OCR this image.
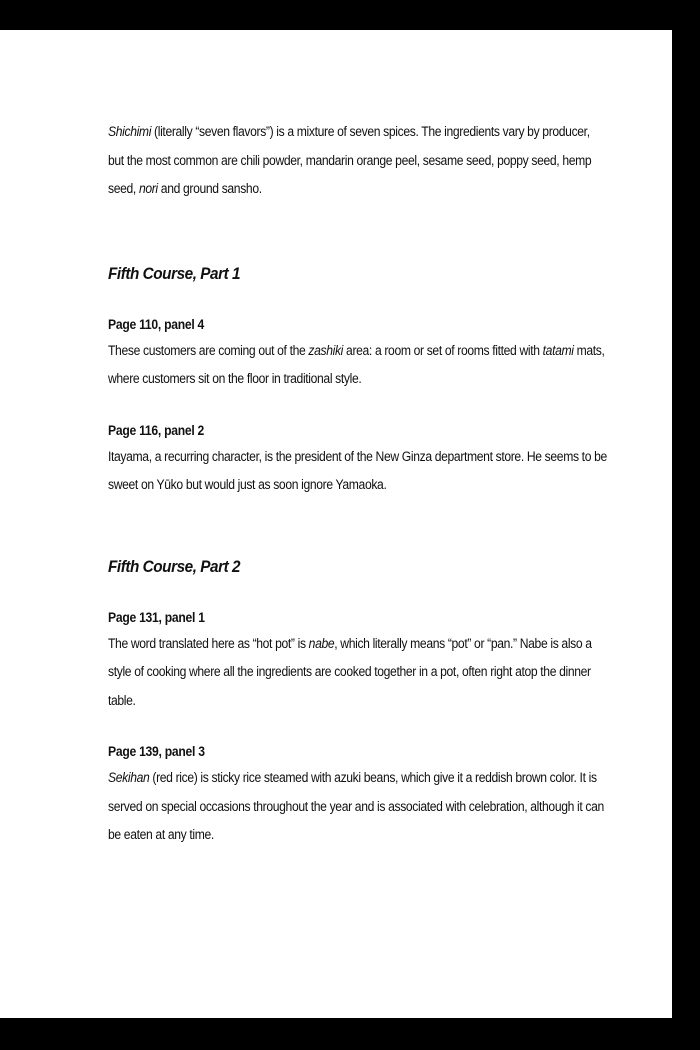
Shichimi (literally “seven flavors”) is a mixture of seven spices. The ingredients vary by producer, but the most common are chili powder, mandarin orange peel, sesame seed, poppy seed, hemp seed, nori and ground sansho.

Fifth Course, Part 1
Page 110, panel 4

These customers are coming out of the zashiki area: a room or set of rooms fitted with tatami mats, where customers sit on the floor in traditional style.

Page 116, panel 2

Itayama, a recurring character, is the president of the New Ginza department store. He seems to be sweet on Yūko but would just as soon ignore Yamaoka.

Fifth Course, Part 2
Page 131, panel 1

The word translated here as “hot pot” is nabe, which literally means “pot” or “pan.” Nabe is also a style of cooking where all the ingredients are cooked together in a pot, often right atop the dinner table.

Page 139, panel 3

Sekihan (red rice) is sticky rice steamed with azuki beans, which give it a reddish brown color. It is served on special occasions throughout the year and is associated with celebration, although it can be eaten at any time.
